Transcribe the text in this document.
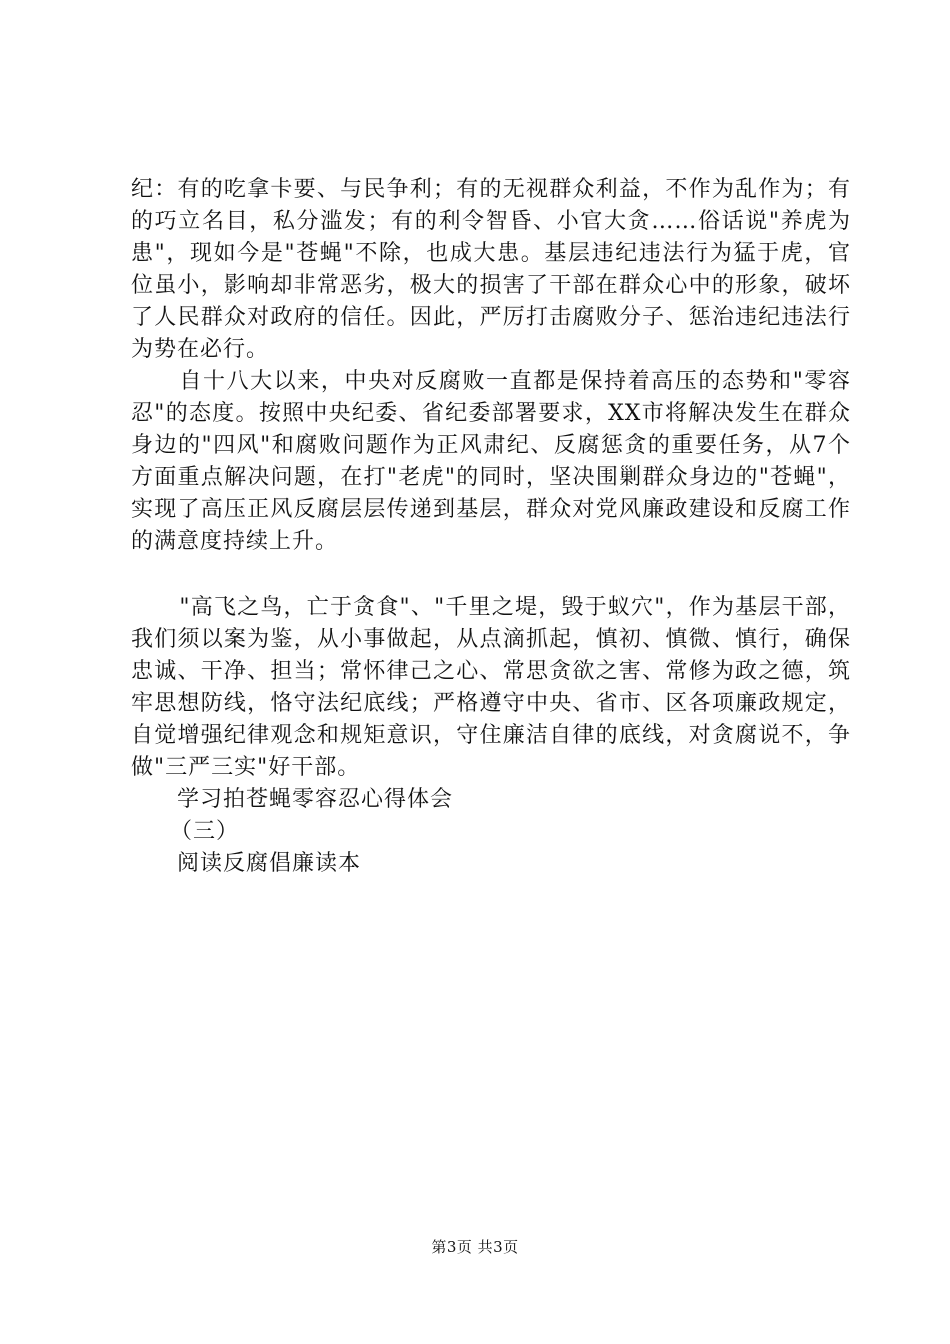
纪：有的吃拿卡要、与民争利；有的无视群众利益，不作为乱作为；有的巧立名目，私分滥发；有的利令智昏、小官大贪……俗话说"养虎为患"，现如今是"苍蝇"不除，也成大患。基层违纪违法行为猛于虎，官位虽小，影响却非常恶劣，极大的损害了干部在群众心中的形象，破坏了人民群众对政府的信任。因此，严厉打击腐败分子、惩治违纪违法行为势在必行。

自十八大以来，中央对反腐败一直都是保持着高压的态势和"零容忍"的态度。按照中央纪委、省纪委部署要求，XX市将解决发生在群众身边的"四风"和腐败问题作为正风肃纪、反腐惩贪的重要任务，从7个方面重点解决问题，在打"老虎"的同时，坚决围剿群众身边的"苍蝇"，实现了高压正风反腐层层传递到基层，群众对党风廉政建设和反腐工作的满意度持续上升。

"高飞之鸟，亡于贪食"、"千里之堤，毁于蚁穴"，作为基层干部，我们须以案为鉴，从小事做起，从点滴抓起，慎初、慎微、慎行，确保忠诚、干净、担当；常怀律己之心、常思贪欲之害、常修为政之德，筑牢思想防线，恪守法纪底线；严格遵守中央、省市、区各项廉政规定，自觉增强纪律观念和规矩意识，守住廉洁自律的底线，对贪腐说不，争做"三严三实"好干部。

学习拍苍蝇零容忍心得体会

（三）

阅读反腐倡廉读本

第3页 共3页
